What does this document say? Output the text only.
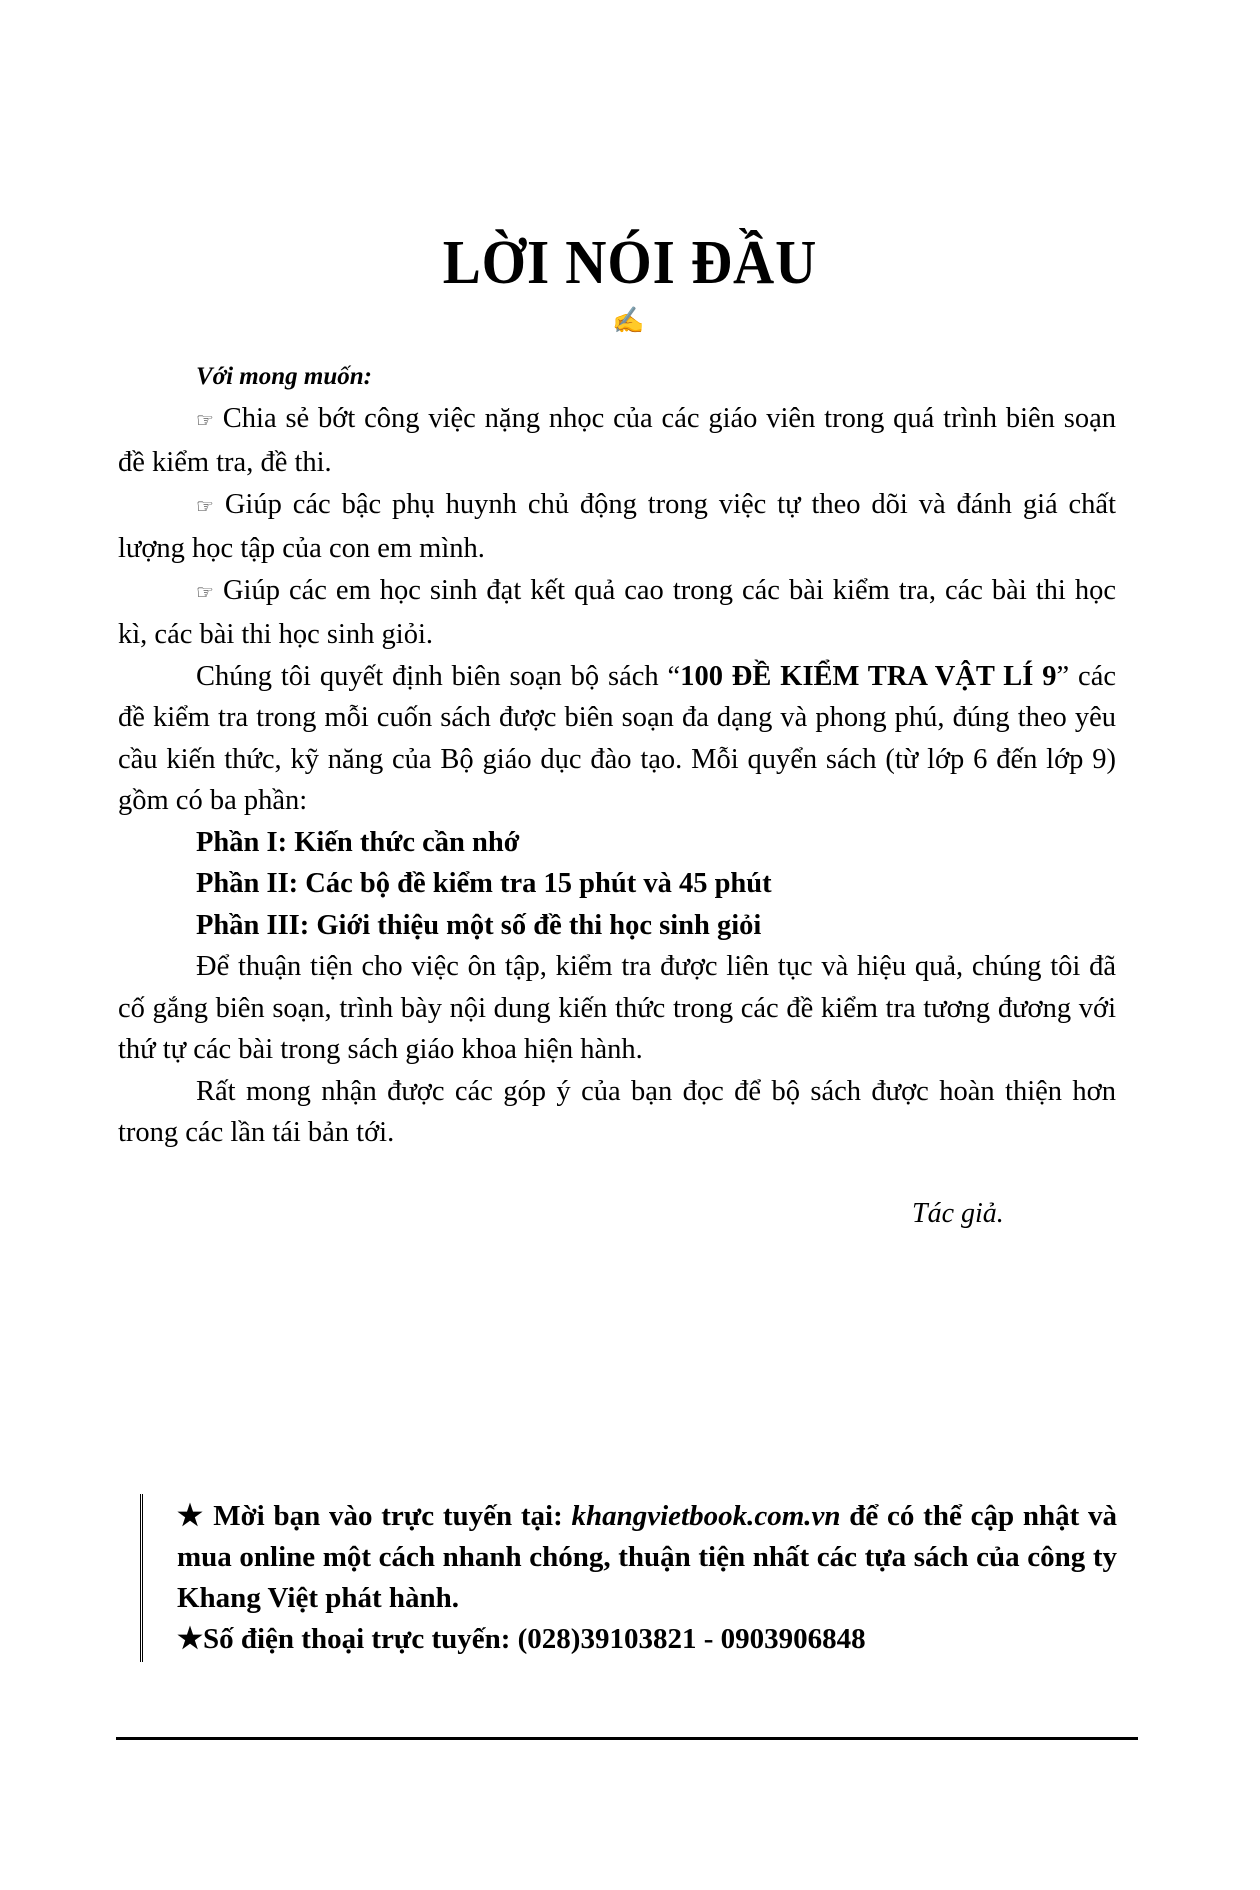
LỜI NÓI ĐẦU
✍

Với mong muốn:

☞ Chia sẻ bớt công việc nặng nhọc của các giáo viên trong quá trình biên soạn đề kiểm tra, đề thi.

☞ Giúp các bậc phụ huynh chủ động trong việc tự theo dõi và đánh giá chất lượng học tập của con em mình.

☞ Giúp các em học sinh đạt kết quả cao trong các bài kiểm tra, các bài thi học kì, các bài thi học sinh giỏi.

Chúng tôi quyết định biên soạn bộ sách “100 ĐỀ KIỂM TRA VẬT LÍ 9” các đề kiểm tra trong mỗi cuốn sách được biên soạn đa dạng và phong phú, đúng theo yêu cầu kiến thức, kỹ năng của Bộ giáo dục đào tạo. Mỗi quyển sách (từ lớp 6 đến lớp 9) gồm có ba phần:

Phần I: Kiến thức cần nhớ

Phần II: Các bộ đề kiểm tra 15 phút và 45 phút

Phần III: Giới thiệu một số đề thi học sinh giỏi

Để thuận tiện cho việc ôn tập, kiểm tra được liên tục và hiệu quả, chúng tôi đã cố gắng biên soạn, trình bày nội dung kiến thức trong các đề kiểm tra tương đương với thứ tự các bài trong sách giáo khoa hiện hành.

Rất mong nhận được các góp ý của bạn đọc để bộ sách được hoàn thiện hơn trong các lần tái bản tới.

Tác giả.
★ Mời bạn vào trực tuyến tại: khangvietbook.com.vn để có thể cập nhật và mua online một cách nhanh chóng, thuận tiện nhất các tựa sách của công ty Khang Việt phát hành.
★Số điện thoại trực tuyến: (028)39103821 - 0903906848
